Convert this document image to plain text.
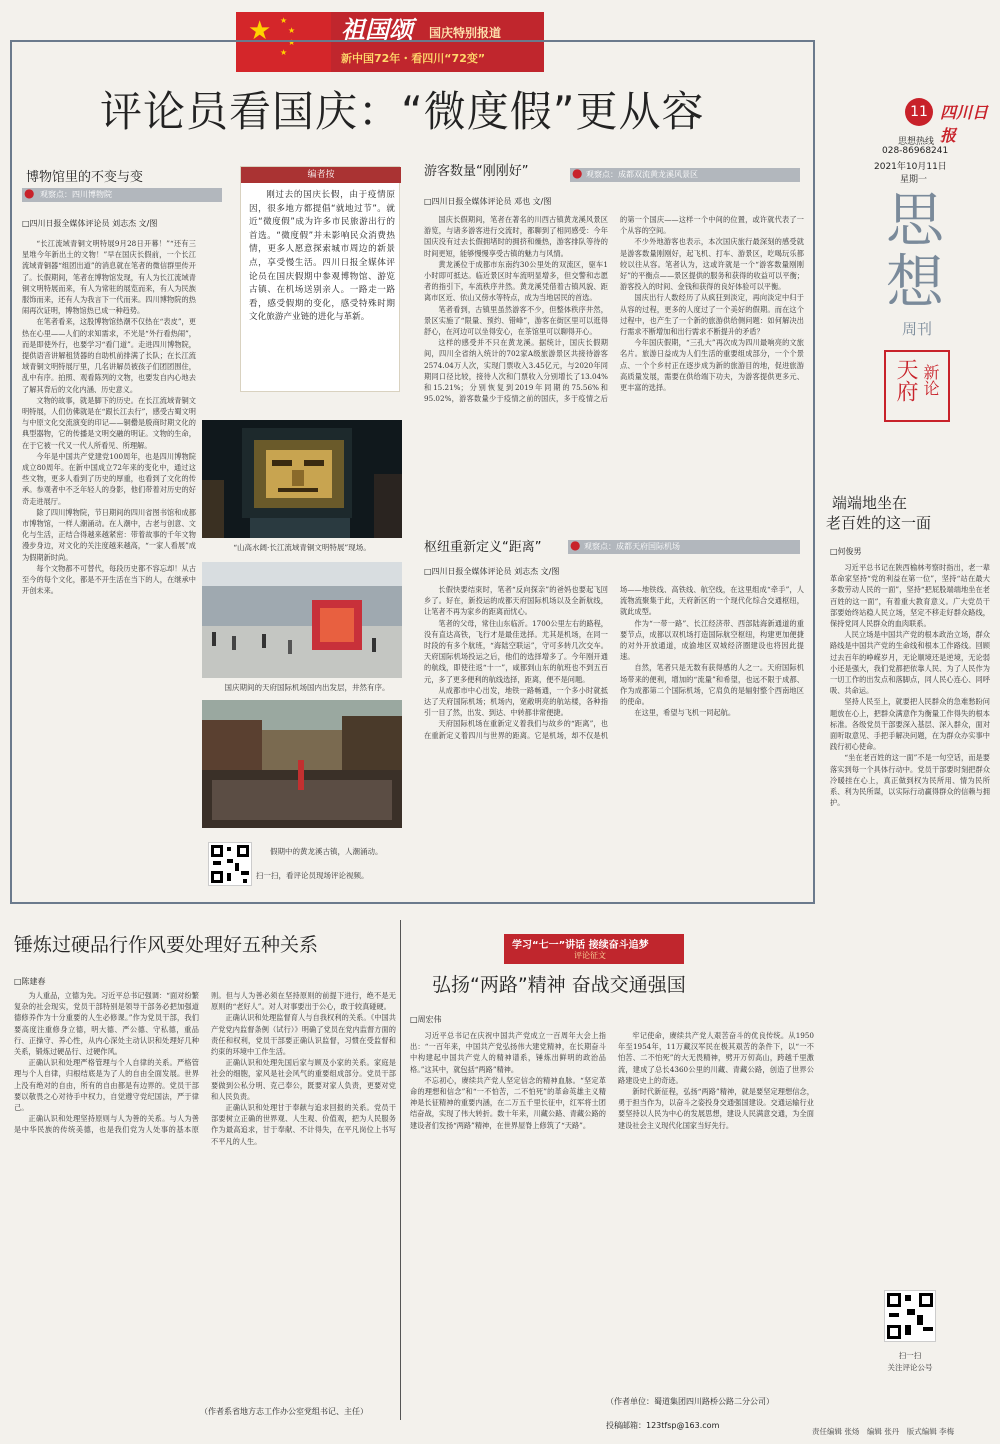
★ ★
★
★
★
祖国颂 国庆特别报道
新中国72年・看四川“72变”
11 四川日报
思想热线
028-86968241
2021年10月11日
星期一
思
想
周刊
天府 新论
评论员看国庆：“微度假”更从容
博物馆里的不变与变
● 观察点：四川博物院
□四川日报全媒体评论员 刘志杰 文/图

“长江流域青铜文明特展9月28日开幕！”“还有三星堆今年新出土的文物！”早在国庆长假前，一个长江流域青铜器“组团出道”的消息就在笔者的微信群里传开了。长假期间，笔者在博物馆发现，有人为长江流域青铜文明特展而来，有人为常驻的展览而来，有人为民族服饰而来，还有人为我言下一代而来。四川博物院的热闹再次证明，博物馆热已成一种趋势。

在笔者看来，这股博物馆热潮不仅热在“表皮”，更热在心里——人们的求知需求，不光是“外行看热闹”，而是即使外行，也要学习“看门道”。走进四川博物院，提供语音讲解租赁器的自助机前排满了长队；在长江流域青铜文明特展厅里，几名讲解员被孩子们团团围住，乱中有序。拍照、观看陈列的文物，也要发自内心地去了解其背后的文化内涵、历史意义。

文物的故事，就是脚下的历史。在长江流域青铜文明特展，人们仿佛就是在“跟长江去行”，感受古蜀文明与中原文化交流演变的印记——铜罍是殷商时期文化的典型器物，它的传播是文明交融的明证。文物的生命，在于它被一代又一代人所看见、所理解。

今年是中国共产党建党100周年，也是四川博物院成立80周年。在新中国成立72年来的变化中，通过这些文物，更多人看到了历史的厚重，也看到了文化的传承。参观者中不乏年轻人的身影，他们带着对历史的好奇走进展厅。

除了四川博物院，节日期间的四川省图书馆和成都市博物馆，一样人潮涌动。在人潮中，古老与创意、文化与生活，正结合得越来越紧密：带着故事的千年文物漫步身边，对文化的关注度越来越高，“一家人看展”成为假期新时尚。

每个文物都不可替代，每段历史都不容忘却！从古至今的每个文化，都是不开生活在当下的人，在继承中开创未来。

编者按
刚过去的国庆长假，由于疫情原因，很多地方都提倡“就地过节”。就近“微度假”成为许多市民旅游出行的首选。“微度假”并未影响民众消费热情，更多人愿意探索城市周边的新景点，享受慢生活。四川日报全媒体评论员在国庆假期中参观博物馆、游览古镇、在机场送别亲人。一路走一路看，感受假期的变化，感受特殊时期文化旅游产业链的进化与革新。
“山高水阔·长江流域青铜文明特展”现场。
国庆期间的天府国际机场国内出发层，井然有序。
假期中的黄龙溪古镇，人潮涌动。
扫一扫，看评论员现场评论视频。
游客数量“刚刚好”	● 观察点：成都双流黄龙溪风景区
□四川日报全媒体评论员 邓也 文/图

国庆长假期间，笔者在著名的川西古镇黄龙溪风景区游览，与诸多游客进行交流时，都聊到了相同感受：今年国庆没有过去长假拥堵时的拥挤和燥热，游客排队等待的时间更短，能够慢慢享受古镇的魅力与风情。

黄龙溪位于成都市东南约30公里处的双流区，驱车1小时即可抵达。临近景区时车流明显增多，但交警和志愿者的指引下，车流秩序井然。黄龙溪凭借着古镇风貌、距离市区近、依山又傍水等特点，成为当地居民的首选。

笔者看到，古镇里虽然游客不少，但整体秩序井然，景区实施了“限量、预约、错峰”，游客在街区里可以逛得舒心，在河边可以坐得安心，在茶馆里可以聊得开心。

这样的感受并不只在黄龙溪。据统计，国庆长假期间，四川全省纳入统计的702家A级旅游景区共接待游客2574.04万人次，实现门票收入3.45亿元，与2020年同期同口径比较，接待人次和门票收入分别增长了13.04%和15.21%；分别恢复到2019年同期的75.56%和95.02%，游客数量少于疫情之前的国庆，多于疫情之后的第一个国庆——这样一个中间的位置，或许就代表了一个从容的空间。

不少外地游客也表示，本次国庆旅行最深刻的感受就是游客数量刚刚好，起飞机、打车、游景区，吃喝玩乐都较以往从容。笔者认为，这或许就是一个“游客数量刚刚好”的平衡点——景区提供的服务和获得的收益可以平衡；游客投入的时间、金钱和获得的良好体验可以平衡。

国庆出行人数经历了从疯狂到淡定，再向淡定中归于从容的过程，更多的人度过了一个美好的假期。而在这个过程中，也产生了一个新的旅游供给侧问题：如何解决出行需求不断增加和出行需求不断提升的矛盾？

今年国庆假期，“三孔大”再次成为四川最响亮的文旅名片。旅游日益成为人们生活的重要组成部分，一个个景点、一个个乡村正在逐步成为新的旅游目的地，促进旅游高质量发展，需要在供给端下功夫，为游客提供更多元、更丰富的选择。

枢纽重新定义“距离” ● 观察点：成都天府国际机场
□四川日报全媒体评论员 刘志杰 文/图

长假快要结束时，笔者“反向探亲”的爸妈也要起飞回乡了。好在，新投运的成都天府国际机场以及全新航线，让笔者不再为家乡的距离而忧心。

笔者的父母，常住山东临沂。1700公里左右的路程，没有直达高铁，飞行才是最佳选择。尤其是机场，在同一时段的有多个航班，“海陆空联运”，守可多转几次交车。天府国际机场投运之后，他们的选择增多了。今年刚开通的航线，即使往返“十一”，咸都到山东的航班也不到五百元，多了更多便利的航线选择，距离，便不是问题。

从成都市中心出发，地铁一路畅通，一个多小时就抵达了天府国际机场；机场内，宽敞明亮的航站楼，各种指引一目了然，出发、到达、中转都非常便捷。

天府国际机场在重新定义着我们与故乡的“距离”，也在重新定义着四川与世界的距离。它是机场，却不仅是机场——地铁线、高铁线、航空线，在这里组成“牵手”，人流物流聚集于此，天府新区的一个现代化综合交通枢纽，就此成型。

作为“一带一路”、长江经济带、西部陆海新通道的重要节点，成都以双机场打造国际航空枢纽，构建更加便捷的对外开放通道，成渝地区双城经济圈建设也将因此提速。

自然，笔者只是无数有获得感的人之一。天府国际机场带来的便利，增加的“流量”和希望，也远不限于成都、作为成都第二个国际机场，它肩负的是辐射整个西南地区的使命。

在这里，希望与飞机一同起航。

端端地坐在
老百姓的这一面
□何俊男

习近平总书记在陕西榆林考察时指出，老一辈革命家坚持“党的利益在第一位”，坚持“站在最大多数劳动人民的一面”，坚持“把屁股端端地坐在老百姓的这一面”，有着重大教育意义。广大党员干部要始终站稳人民立场，坚定不移走好群众路线，保持党同人民群众的血肉联系。

人民立场是中国共产党的根本政治立场，群众路线是中国共产党的生命线和根本工作路线。回顾过去百年的峥嵘岁月，无论顺境还是逆境，无论弱小还是强大，我们党都把依靠人民、为了人民作为一切工作的出发点和落脚点，同人民心连心、同呼吸、共命运。

坚持人民至上，就要把人民群众的急难愁盼问题放在心上，把群众满意作为衡量工作得失的根本标准。各级党员干部要深入基层、深入群众，面对面听取意见、手把手解决问题，在为群众办实事中践行初心使命。

“坐在老百姓的这一面”不是一句空话，而是要落实到每一个具体行动中。党员干部要时刻把群众冷暖挂在心上，真正做到权为民所用、情为民所系、利为民所谋，以实际行动赢得群众的信赖与拥护。

扫一扫
关注评论公号
锤炼过硬品行作风要处理好五种关系
□陈建春

为人重品，立德为先。习近平总书记强调：“面对纷繁复杂的社会现实，党员干部特别是领导干部务必把加强道德修养作为十分重要的人生必修课。”作为党员干部，我们要高度注重修身立德，明大德、严公德、守私德，重品行、正操守、养心性，从内心深处主动认识和处理好几种关系，锻炼过硬品行、过硬作风。

正确认识和处理严格管理与个人自律的关系。严格管理与个人自律，归根结底是为了人的自由全面发展。世界上没有绝对的自由，所有的自由都是有边界的。党员干部要以敬畏之心对待手中权力，自觉遵守党纪国法，严于律己。

正确认识和处理坚持原则与人为善的关系。与人为善是中华民族的传统美德，也是我们党为人处事的基本原则。但与人为善必须在坚持原则的前提下进行，绝不是无原则的“老好人”。对人对事要出于公心，敢于较真碰硬。

正确认识和处理监督育人与自我权利的关系。《中国共产党党内监督条例（试行）》明确了党员在党内监督方面的责任和权利，党员干部要正确认识监督，习惯在受监督和约束的环境中工作生活。

正确认识和处理先国后家与顾及小家的关系。家庭是社会的细胞，家风是社会风气的重要组成部分。党员干部要做到公私分明、克己奉公，既要对家人负责，更要对党和人民负责。

正确认识和处理甘于奉献与追求回报的关系。党员干部要树立正确的世界观、人生观、价值观，把为人民服务作为最高追求，甘于奉献、不计得失，在平凡岗位上书写不平凡的人生。

（作者系省地方志工作办公室党组书记、主任）
学习“七一”讲话 接续奋斗追梦
评论征文
弘扬“两路”精神 奋战交通强国
□周宏伟

习近平总书记在庆祝中国共产党成立一百周年大会上指出：“一百年来，中国共产党弘扬伟大建党精神，在长期奋斗中构建起中国共产党人的精神谱系，锤炼出鲜明的政治品格。”这其中，就包括“两路”精神。

不忘初心，赓续共产党人坚定信念的精神血脉。“坚定革命的理想和信念”和“一不怕苦，二不怕死”的革命英雄主义精神是长征精神的重要内涵，在二万五千里长征中，红军将士团结奋战，实现了伟大转折。数十年来，川藏公路、青藏公路的建设者们发扬“两路”精神，在世界屋脊上修筑了“天路”。

牢记使命，赓续共产党人艰苦奋斗的优良传统。从1950年至1954年，11万藏汉军民在极其艰苦的条件下，以“一不怕苦、二不怕死”的大无畏精神，劈开万仞高山，跨越千里激流，建成了总长4360公里的川藏、青藏公路，创造了世界公路建设史上的奇迹。

新时代新征程，弘扬“两路”精神，就是要坚定理想信念，勇于担当作为，以奋斗之姿投身交通强国建设。交通运输行业要坚持以人民为中心的发展思想，建设人民满意交通，为全面建设社会主义现代化国家当好先行。

（作者单位：蜀道集团四川路桥公路二分公司）
投稿邮箱：123tfsp@163.com
责任编辑 张炀　编辑 张丹　版式编辑 李梅
